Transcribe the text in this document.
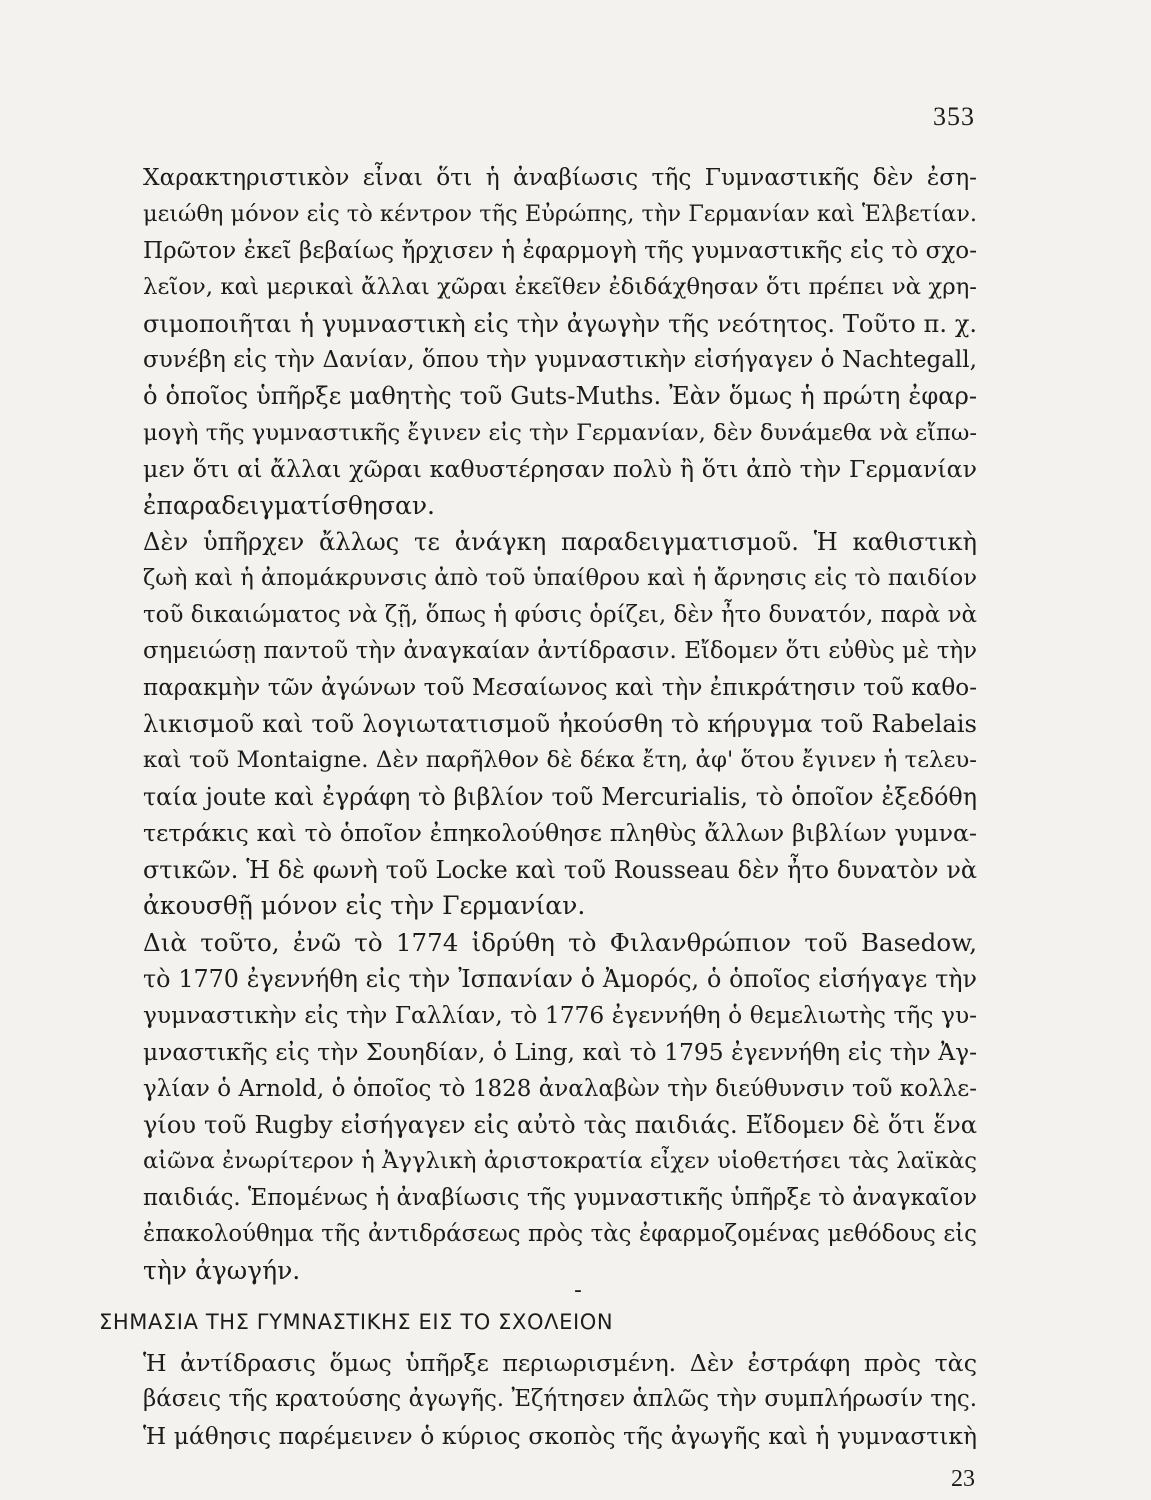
353

Χαρακτηριστικὸν εἶναι ὅτι ἡ ἀναβίωσις τῆς Γυμναστικῆς δὲν ἐση-
μειώθη μόνον εἰς τὸ κέντρον τῆς Εὐρώπης, τὴν Γερμανίαν καὶ Ἑλβετίαν.
Πρῶτον ἐκεῖ βεβαίως ἤρχισεν ἡ ἐφαρμογὴ τῆς γυμναστικῆς εἰς τὸ σχο-
λεῖον, καὶ μερικαὶ ἄλλαι χῶραι ἐκεῖθεν ἐδιδάχθησαν ὅτι πρέπει νὰ χρη-
σιμοποιῆται ἡ γυμναστικὴ εἰς τὴν ἀγωγὴν τῆς νεότητος. Τοῦτο π. χ.
συνέβη εἰς τὴν Δανίαν, ὅπου τὴν γυμναστικὴν εἰσήγαγεν ὁ Nachtegall,
ὁ ὁποῖος ὑπῆρξε μαθητὴς τοῦ Guts-Muths. Ἐὰν ὅμως ἡ πρώτη ἐφαρ-
μογὴ τῆς γυμναστικῆς ἔγινεν εἰς τὴν Γερμανίαν, δὲν δυνάμεθα νὰ εἴπω-
μεν ὅτι αἱ ἄλλαι χῶραι καθυστέρησαν πολὺ ἢ ὅτι ἀπὸ τὴν Γερμανίαν
ἐπαραδειγματίσθησαν.

Δὲν ὑπῆρχεν ἄλλως τε ἀνάγκη παραδειγματισμοῦ. Ἡ καθιστικὴ
ζωὴ καὶ ἡ ἀπομάκρυνσις ἀπὸ τοῦ ὑπαίθρου καὶ ἡ ἄρνησις εἰς τὸ παιδίον
τοῦ δικαιώματος νὰ ζῇ, ὅπως ἡ φύσις ὁρίζει, δὲν ἦτο δυνατόν, παρὰ νὰ
σημειώσῃ παντοῦ τὴν ἀναγκαίαν ἀντίδρασιν. Εἴδομεν ὅτι εὐθὺς μὲ τὴν
παρακμὴν τῶν ἀγώνων τοῦ Μεσαίωνος καὶ τὴν ἐπικράτησιν τοῦ καθο-
λικισμοῦ καὶ τοῦ λογιωτατισμοῦ ἠκούσθη τὸ κήρυγμα τοῦ Rabelais
καὶ τοῦ Montaigne. Δὲν παρῆλθον δὲ δέκα ἔτη, ἀφ' ὅτου ἔγινεν ἡ τελευ-
ταία joute καὶ ἐγράφη τὸ βιβλίον τοῦ Mercurialis, τὸ ὁποῖον ἐξεδόθη
τετράκις καὶ τὸ ὁποῖον ἐπηκολούθησε πληθὺς ἄλλων βιβλίων γυμνα-
στικῶν. Ἡ δὲ φωνὴ τοῦ Locke καὶ τοῦ Rousseau δὲν ἦτο δυνατὸν νὰ
ἀκουσθῇ μόνον εἰς τὴν Γερμανίαν.

Διὰ τοῦτο, ἐνῶ τὸ 1774 ἱδρύθη τὸ Φιλανθρώπιον τοῦ Basedow,
τὸ 1770 ἐγεννήθη εἰς τὴν Ἰσπανίαν ὁ Ἀμορός, ὁ ὁποῖος εἰσήγαγε τὴν
γυμναστικὴν εἰς τὴν Γαλλίαν, τὸ 1776 ἐγεννήθη ὁ θεμελιωτὴς τῆς γυ-
μναστικῆς εἰς τὴν Σουηδίαν, ὁ Ling, καὶ τὸ 1795 ἐγεννήθη εἰς τὴν Ἀγ-
γλίαν ὁ Arnold, ὁ ὁποῖος τὸ 1828 ἀναλαβὼν τὴν διεύθυνσιν τοῦ κολλε-
γίου τοῦ Rugby εἰσήγαγεν εἰς αὐτὸ τὰς παιδιάς. Εἴδομεν δὲ ὅτι ἕνα
αἰῶνα ἐνωρίτερον ἡ Ἀγγλικὴ ἀριστοκρατία εἶχεν υἱοθετήσει τὰς λαϊκὰς
παιδιάς. Ἑπομένως ἡ ἀναβίωσις τῆς γυμναστικῆς ὑπῆρξε τὸ ἀναγκαῖον
ἐπακολούθημα τῆς ἀντιδράσεως πρὸς τὰς ἐφαρμοζομένας μεθόδους εἰς
τὴν ἀγωγήν.

-
ΣΗΜΑΣΙΑ ΤΗΣ ΓΥΜΝΑΣΤΙΚΗΣ ΕΙΣ ΤΟ ΣΧΟΛΕΙΟΝ

Ἡ ἀντίδρασις ὅμως ὑπῆρξε περιωρισμένη. Δὲν ἐστράφη πρὸς τὰς
βάσεις τῆς κρατούσης ἀγωγῆς. Ἐζήτησεν ἁπλῶς τὴν συμπλήρωσίν της.
Ἡ μάθησις παρέμεινεν ὁ κύριος σκοπὸς τῆς ἀγωγῆς καὶ ἡ γυμναστικὴ

23
